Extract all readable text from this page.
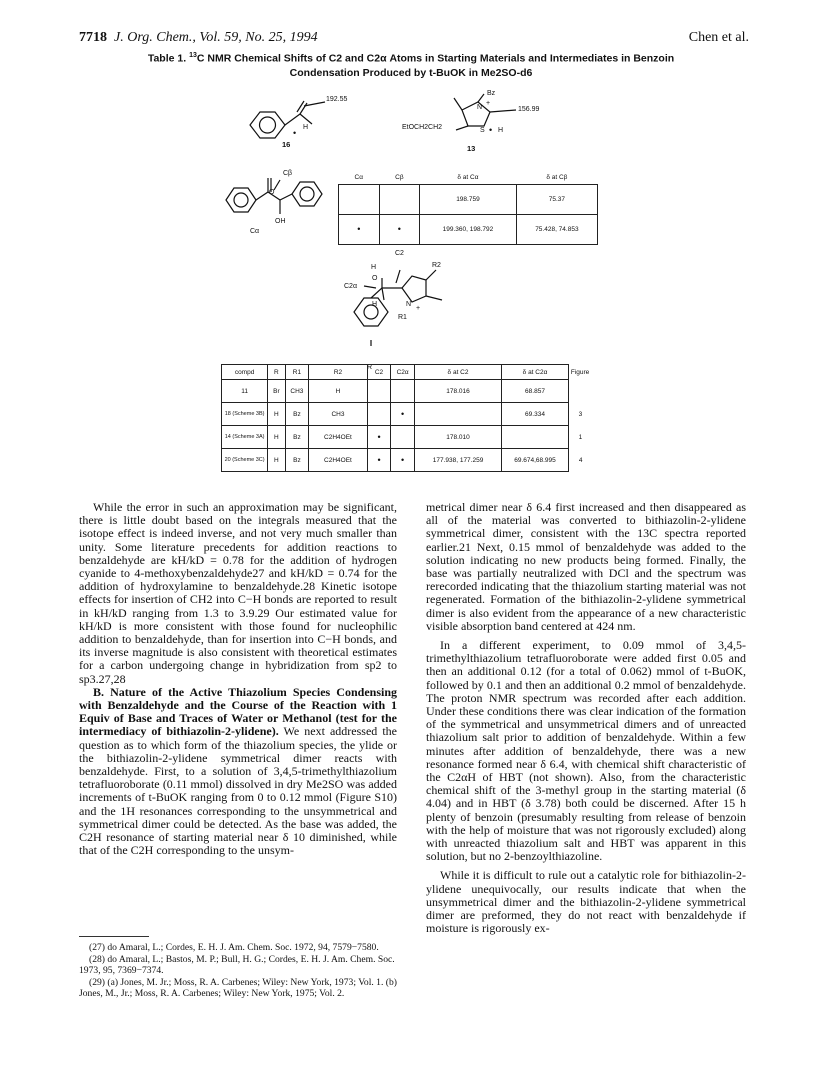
7718 J. Org. Chem., Vol. 59, No. 25, 1994	Chen et al.
Table 1. $^{13}$C NMR Chemical Shifts of C2 and C2α Atoms in Starting Materials and Intermediates in Benzoin
Condensation Produced by t-BuOK in Me2SO-d6
192.55
H
•
16
Bz
N
+
S • H
156.99
EtOCH2CH2
13
Cβ
O
OH
Cα
Cα	Cβ	δ at Cα	δ at Cβ
		198.759	75.37
•	•	199.360, 198.792	75.428, 74.853
C2
H
O
C2α
H
R2
N
+
R1
R
compd	R	R1	R2	C2	C2α	δ at C2	δ at C2α	Figure
11	Br	CH3	H			178.016	68.857	
18 (Scheme 3B)	H	Bz	CH3		•		69.334	3
14 (Scheme 3A)	H	Bz	C2H4OEt	•		178.010		1
20 (Scheme 3C)	H	Bz	C2H4OEt	•	•	177.938, 177.259	69.674,68.995	4

While the error in such an approximation may be significant, there is little doubt based on the integrals measured that the isotope effect is indeed inverse, and not very much smaller than unity. Some literature precedents for addition reactions to benzaldehyde are kH/kD = 0.78 for the addition of hydrogen cyanide to 4-methoxybenzaldehyde27 and kH/kD = 0.74 for the addition of hydroxylamine to benzaldehyde.28 Kinetic isotope effects for insertion of CH2 into C−H bonds are reported to result in kH/kD ranging from 1.3 to 3.9.29 Our estimated value for kH/kD is more consistent with those found for nucleophilic addition to benzaldehyde, than for insertion into C−H bonds, and its inverse magnitude is also consistent with theoretical estimates for a carbon undergoing change in hybridization from sp2 to sp3.27,28

B. Nature of the Active Thiazolium Species Condensing with Benzaldehyde and the Course of the Reaction with 1 Equiv of Base and Traces of Water or Methanol (test for the intermediacy of bithiazolin-2-ylidene). We next addressed the question as to which form of the thiazolium species, the ylide or the bithiazolin-2-ylidene symmetrical dimer reacts with benzaldehyde. First, to a solution of 3,4,5-trimethylthiazolium tetrafluoroborate (0.11 mmol) dissolved in dry Me2SO was added increments of t-BuOK ranging from 0 to 0.12 mmol (Figure S10) and the 1H resonances corresponding to the unsymmetrical and symmetrical dimer could be detected. As the base was added, the C2H resonance of starting material near δ 10 diminished, while that of the C2H corresponding to the unsym-

(27) do Amaral, L.; Cordes, E. H. J. Am. Chem. Soc. 1972, 94, 7579−7580.

(28) do Amaral, L.; Bastos, M. P.; Bull, H. G.; Cordes, E. H. J. Am. Chem. Soc. 1973, 95, 7369−7374.

(29) (a) Jones, M. Jr.; Moss, R. A. Carbenes; Wiley: New York, 1973; Vol. 1. (b) Jones, M., Jr.; Moss, R. A. Carbenes; Wiley: New York, 1975; Vol. 2.

metrical dimer near δ 6.4 first increased and then disappeared as all of the material was converted to bithiazolin-2-ylidene symmetrical dimer, consistent with the 13C spectra reported earlier.21 Next, 0.15 mmol of benzaldehyde was added to the solution indicating no new products being formed. Finally, the base was partially neutralized with DCl and the spectrum was rerecorded indicating that the thiazolium starting material was not regenerated. Formation of the bithiazolin-2-ylidene symmetrical dimer is also evident from the appearance of a new characteristic visible absorption band centered at 424 nm.

In a different experiment, to 0.09 mmol of 3,4,5-trimethylthiazolium tetrafluoroborate were added first 0.05 and then an additional 0.12 (for a total of 0.062) mmol of t-BuOK, followed by 0.1 and then an additional 0.2 mmol of benzaldehyde. The proton NMR spectrum was recorded after each addition. Under these conditions there was clear indication of the formation of the symmetrical and unsymmetrical dimers and of unreacted thiazolium salt prior to addition of benzaldehyde. Within a few minutes after addition of benzaldehyde, there was a new resonance formed near δ 6.4, with chemical shift characteristic of the C2αH of HBT (not shown). Also, from the characteristic chemical shift of the 3-methyl group in the starting material (δ 4.04) and in HBT (δ 3.78) both could be discerned. After 15 h plenty of benzoin (presumably resulting from release of benzoin with the help of moisture that was not rigorously excluded) along with unreacted thiazolium salt and HBT was apparent in this solution, but no 2-benzoylthiazoline.

While it is difficult to rule out a catalytic role for bithiazolin-2-ylidene unequivocally, our results indicate that when the unsymmetrical dimer and the bithiazolin-2-ylidene symmetrical dimer are preformed, they do not react with benzaldehyde if moisture is rigorously ex-
